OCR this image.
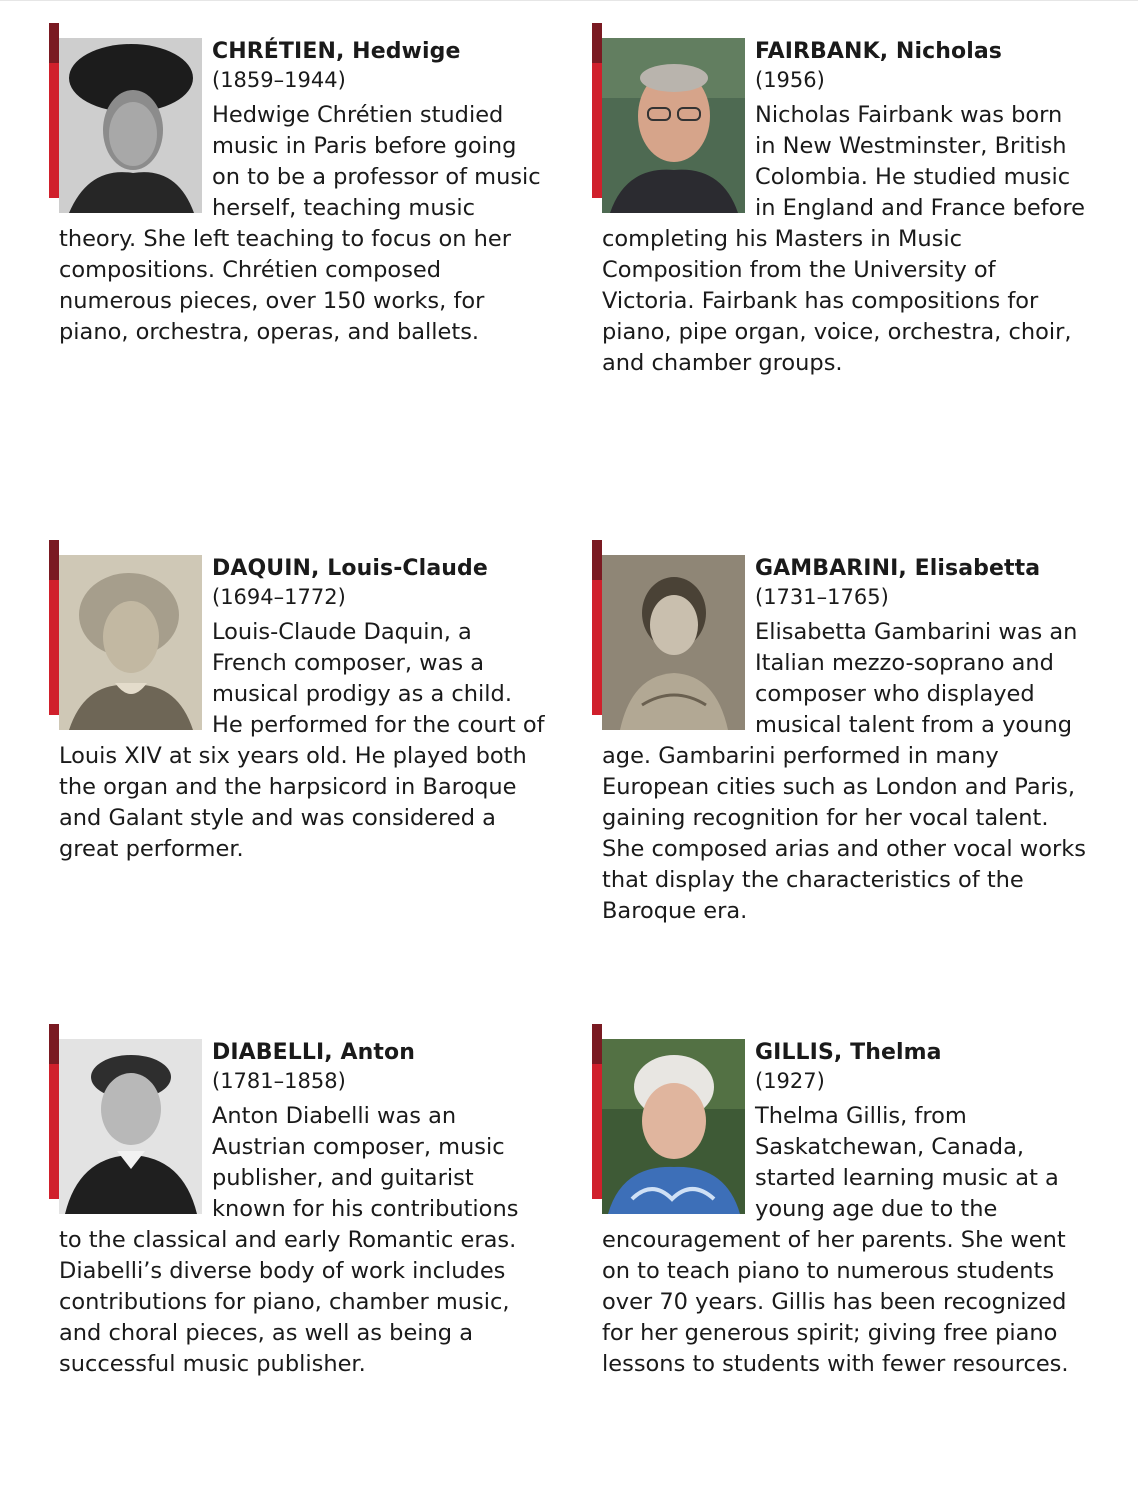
CHRÉTIEN, Hedwige
(1859–1944)

Hedwige Chrétien studied music in Paris before going on to be a professor of music herself, teaching music theory. She left teaching to focus on her compositions. Chrétien composed numerous pieces, over 150 works, for piano, orchestra, operas, and ballets.

FAIRBANK, Nicholas
(1956)

Nicholas Fairbank was born in New Westminster, British Colombia. He studied music in England and France before completing his Masters in Music Composition from the University of Victoria. Fairbank has compositions for piano, pipe organ, voice, orchestra, choir, and chamber groups.

DAQUIN, Louis-Claude
(1694–1772)

Louis-Claude Daquin, a French composer, was a musical prodigy as a child. He performed for the court of Louis XIV at six years old. He played both the organ and the harpsicord in Baroque and Galant style and was considered a great performer.

GAMBARINI, Elisabetta
(1731–1765)

Elisabetta Gambarini was an Italian mezzo-soprano and composer who displayed musical talent from a young age. Gambarini performed in many European cities such as London and Paris, gaining recognition for her vocal talent. She composed arias and other vocal works that display the characteristics of the Baroque era.

DIABELLI, Anton
(1781–1858)

Anton Diabelli was an Austrian composer, music publisher, and guitarist known for his contributions to the classical and early Romantic eras. Diabelli’s diverse body of work includes contributions for piano, chamber music, and choral pieces, as well as being a successful music publisher.

GILLIS, Thelma
(1927)

Thelma Gillis, from Saskatchewan, Canada, started learning music at a young age due to the encouragement of her parents. She went on to teach piano to numerous students over 70 years. Gillis has been recognized for her generous spirit; giving free piano lessons to students with fewer resources.
